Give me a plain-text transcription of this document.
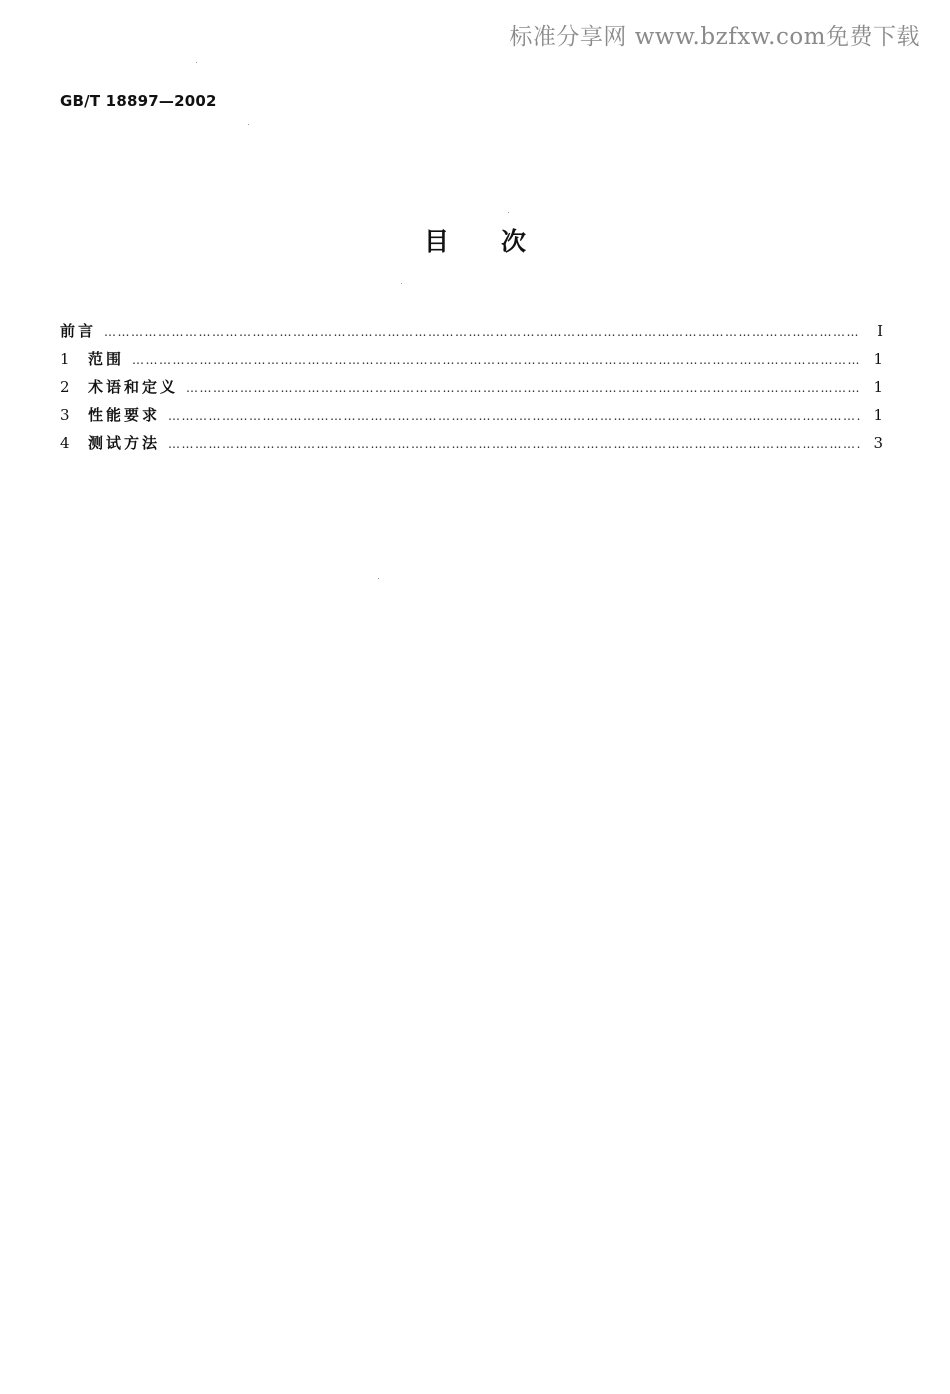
标准分享网 www.bzfxw.com免费下载
GB/T 18897—2002
目次
前言 …………………………………………………………………………………………………………………………………………………………………………………………	I
1	范围 …………………………………………………………………………………………………………………………………………………………………………………………	1
2	术语和定义 …………………………………………………………………………………………………………………………………………………………………………………………	1
3	性能要求 …………………………………………………………………………………………………………………………………………………………………………………………	1
4	测试方法 …………………………………………………………………………………………………………………………………………………………………………………………	3
